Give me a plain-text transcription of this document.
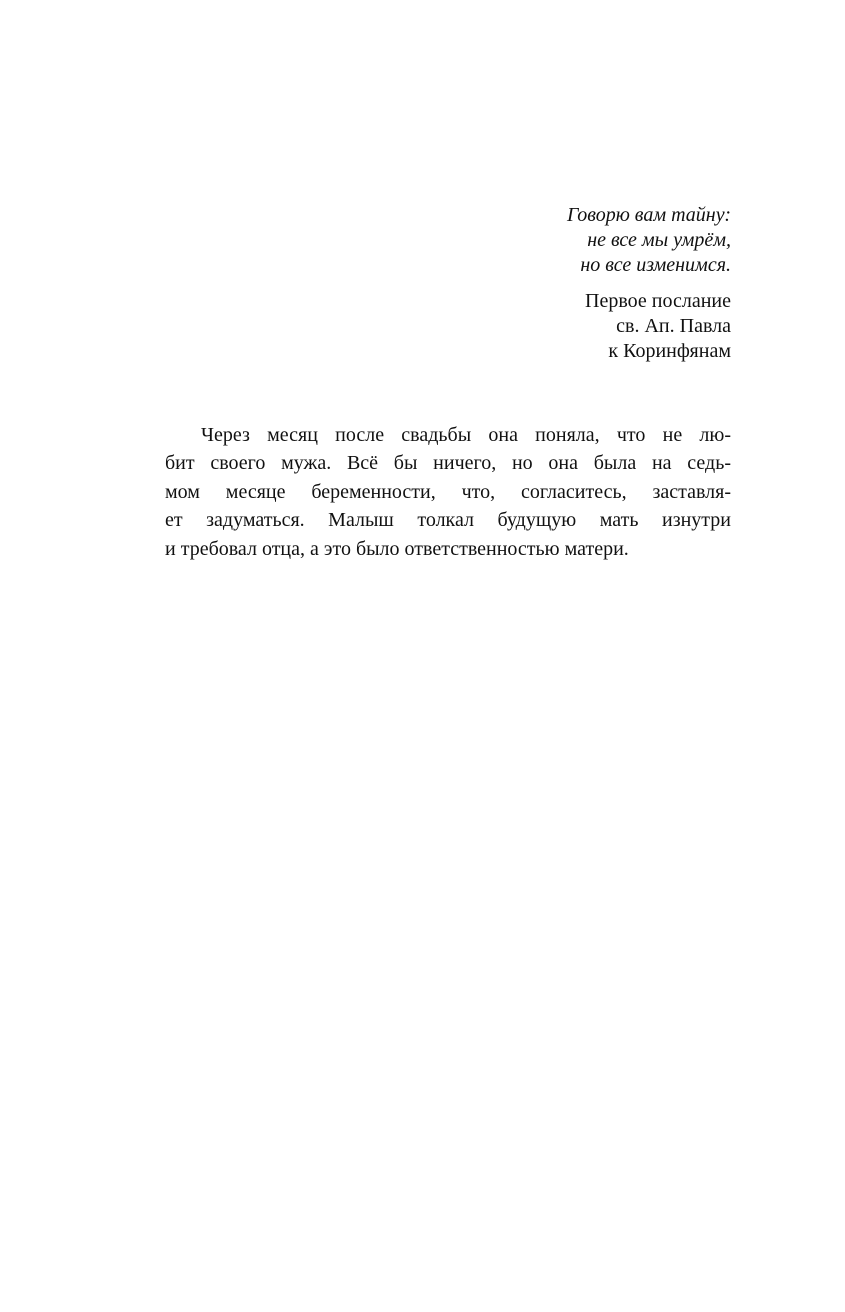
Говорю вам тайну:
не все мы умрём,
но все изменимся.

Первое послание
св. Ап. Павла
к Коринфянам

Через месяц после свадьбы она поняла, что не лю-
бит своего мужа. Всё бы ничего, но она была на седь-
мом месяце беременности, что, согласитесь, заставля-
ет задуматься. Малыш толкал будущую мать изнутри
и требовал отца, а это было ответственностью матери.
